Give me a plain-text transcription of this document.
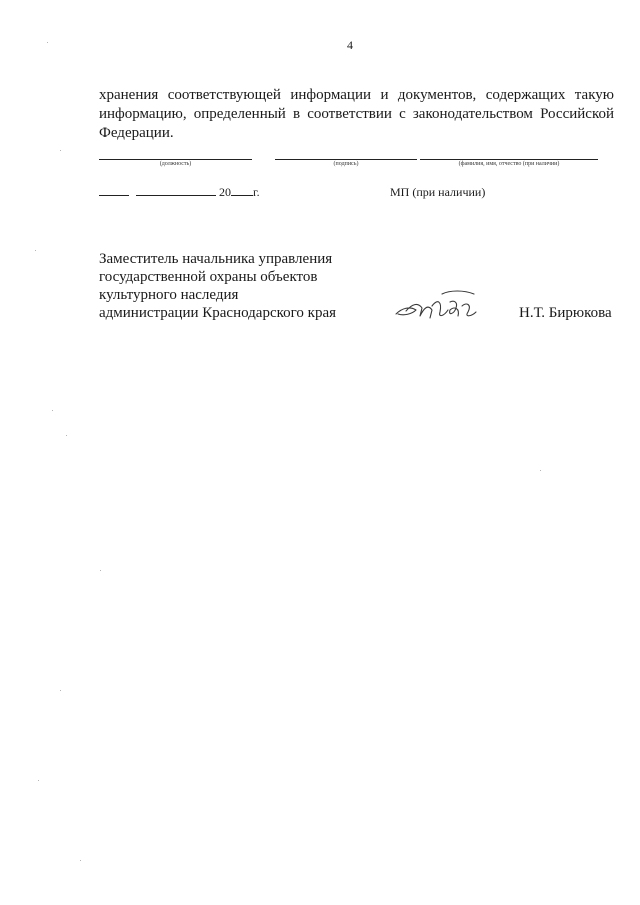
4
хранения соответствующей информации и документов, содержащих такую информацию, определенный в соответствии с законодательством Российской Федерации.
(должность)	(подпись)	(фамилия, имя, отчество (при наличии)
20 г.	МП (при наличии)
Заместитель начальника управления
государственной охраны объектов
культурного наследия
администрации Краснодарского края	Н.Т. Бирюкова
